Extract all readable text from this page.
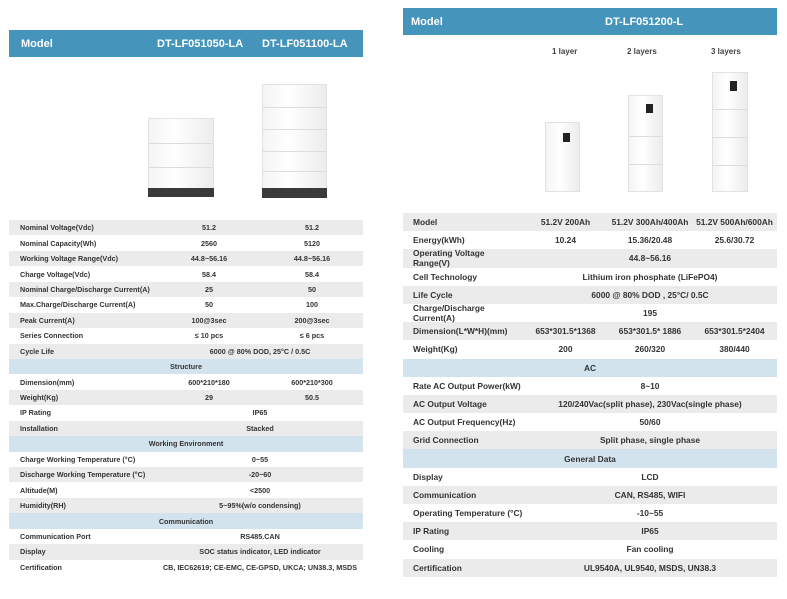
Model	DT-LF051050-LA DT-LF051100-LA
Nominal Voltage(Vdc)	51.2	51.2
Nominal Capacity(Wh)	2560	5120
Working Voltage Range(Vdc)	44.8~56.16	44.8~56.16
Charge Voltage(Vdc)	58.4	58.4
Nominal Charge/Discharge Current(A)	25	50
Max.Charge/Discharge Current(A)	50	100
Peak Current(A)	100@3sec	200@3sec
Series Connection	≤ 10 pcs	≤ 6 pcs
Cycle Life	6000 @ 80% DOD, 25°C / 0.5C
Structure
Dimension(mm)	600*210*180	600*210*300
Weight(Kg)	29	50.5
IP Rating	IP65
Installation	Stacked
Working Environment
Charge Working Temperature (°C)	0~55
Discharge Working Temperature (°C)	-20~60
Altitude(M)	<2500
Humidity(RH)	5~95%(w/o condensing)
Communication
Communication Port	RS485.CAN
Display	SOC status indicator, LED indicator
Certification	CB, IEC62619; CE-EMC, CE-GPSD, UKCA; UN38.3, MSDS
Model	DT-LF051200-L
1 layer	2 layers	3 layers
Model	51.2V 200Ah	51.2V 300Ah/400Ah 51.2V 500Ah/600Ah
Energy(kWh)	10.24	15.36/20.48	25.6/30.72
Operating Voltage Range(V)	44.8~56.16
Cell Technology	Lithium iron phosphate (LiFePO4)
Life Cycle	6000 @ 80% DOD , 25°C/ 0.5C
Charge/Discharge Current(A)	195
Dimension(L*W*H)(mm)	653*301.5*1368	653*301.5* 1886	653*301.5*2404
Weight(Kg)	200	260/320	380/440
AC
Rate AC Output Power(kW)	8~10
AC Output Voltage	120/240Vac(split phase), 230Vac(single phase)
AC Output Frequency(Hz)	50/60
Grid Connection	Split phase, single phase
General Data
Display	LCD
Communication	CAN, RS485, WIFI
Operating Temperature (°C)	-10~55
IP Rating	IP65
Cooling	Fan cooling
Certification	UL9540A, UL9540, MSDS, UN38.3
